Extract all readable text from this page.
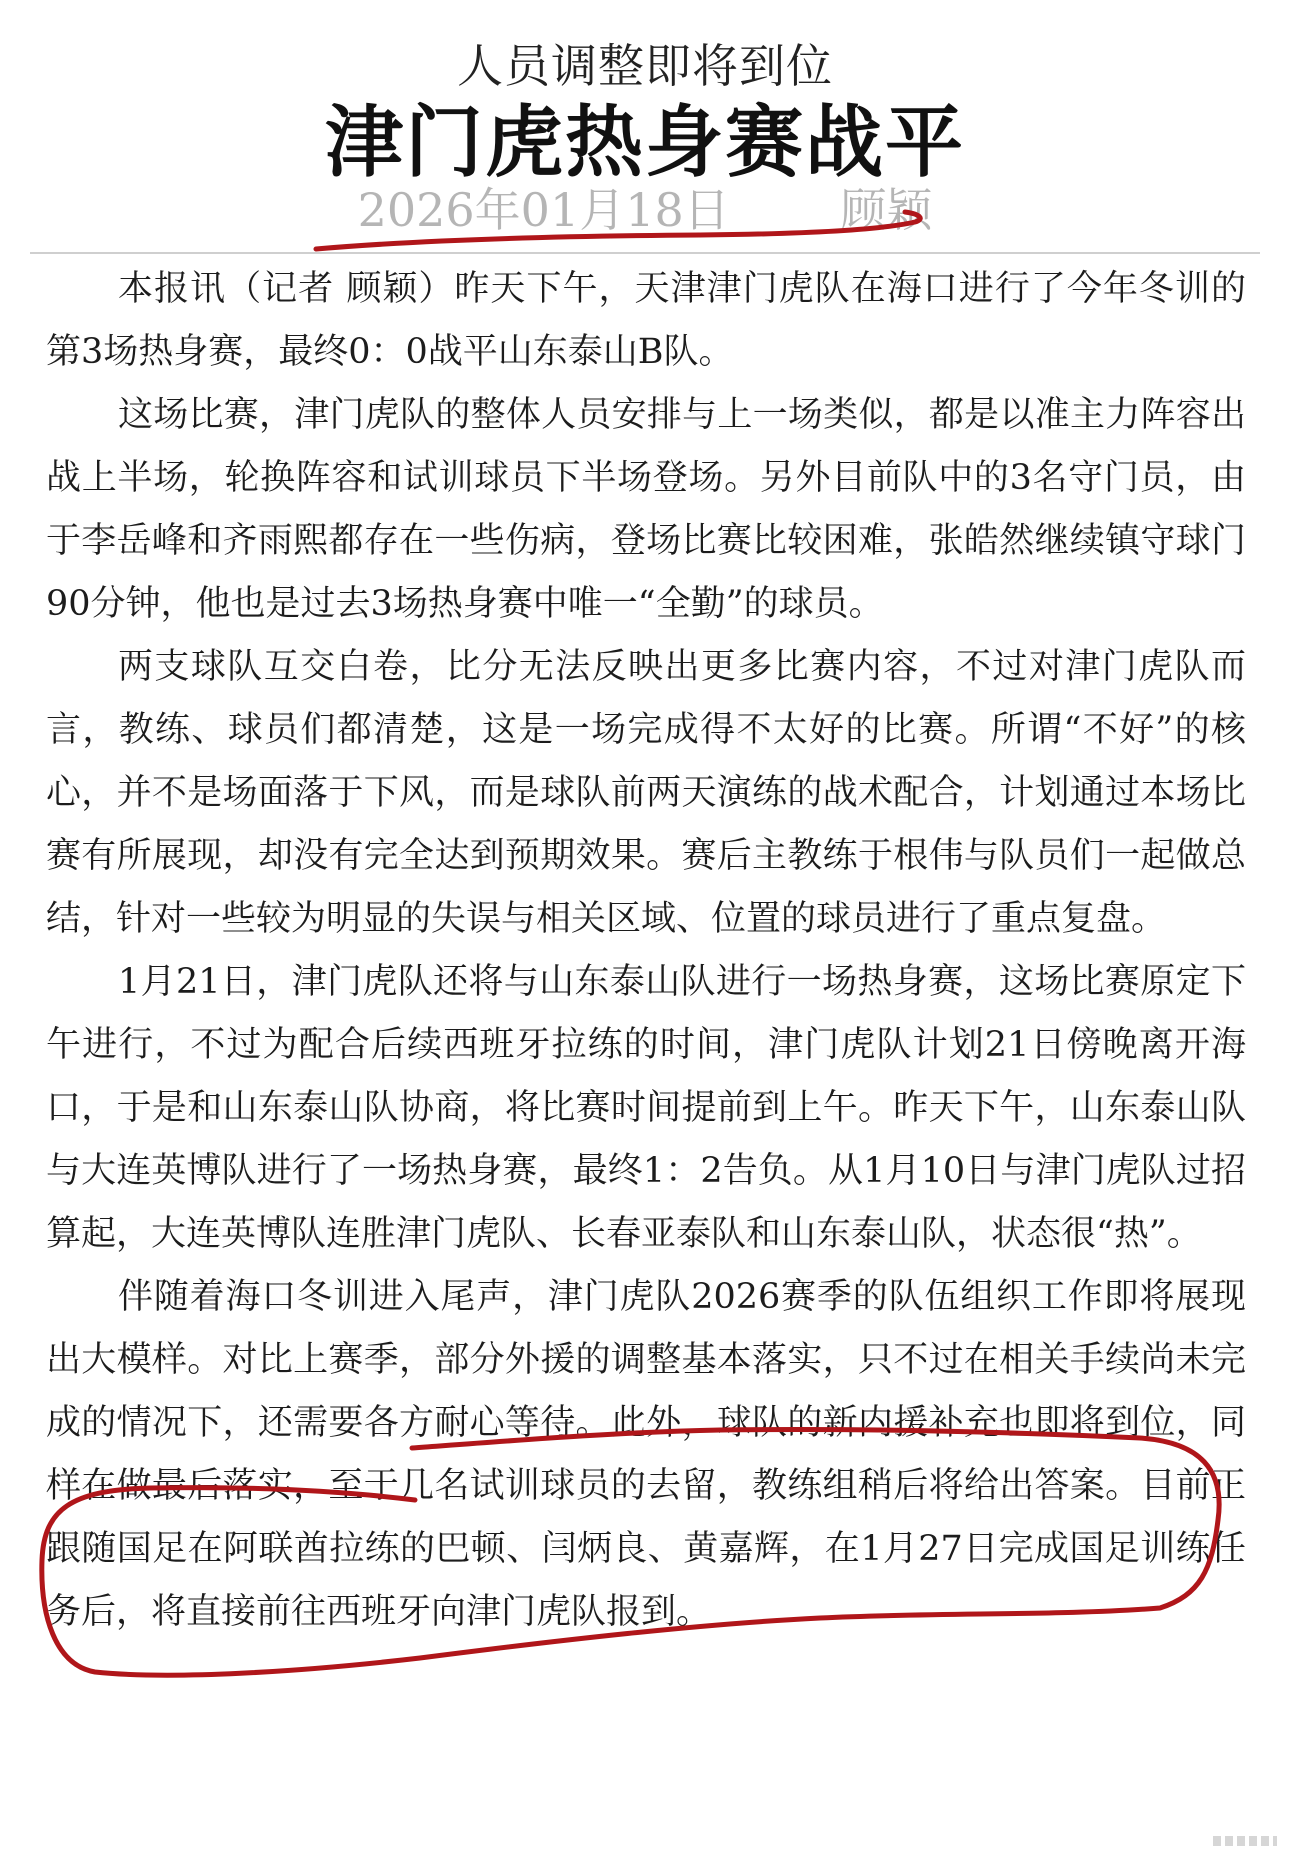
人员调整即将到位
津门虎热身赛战平
2026年01月18日 顾颖

本报讯（记者 顾颖）昨天下午，天津津门虎队在海口进行了今年冬训的第3场热身赛，最终0：0战平山东泰山B队。

这场比赛，津门虎队的整体人员安排与上一场类似，都是以准主力阵容出战上半场，轮换阵容和试训球员下半场登场。另外目前队中的3名守门员，由于李岳峰和齐雨熙都存在一些伤病，登场比赛比较困难，张皓然继续镇守球门90分钟，他也是过去3场热身赛中唯一“全勤”的球员。

两支球队互交白卷，比分无法反映出更多比赛内容，不过对津门虎队而言，教练、球员们都清楚，这是一场完成得不太好的比赛。所谓“不好”的核心，并不是场面落于下风，而是球队前两天演练的战术配合，计划通过本场比赛有所展现，却没有完全达到预期效果。赛后主教练于根伟与队员们一起做总结，针对一些较为明显的失误与相关区域、位置的球员进行了重点复盘。

1月21日，津门虎队还将与山东泰山队进行一场热身赛，这场比赛原定下午进行，不过为配合后续西班牙拉练的时间，津门虎队计划21日傍晚离开海口，于是和山东泰山队协商，将比赛时间提前到上午。昨天下午，山东泰山队与大连英博队进行了一场热身赛，最终1：2告负。从1月10日与津门虎队过招算起，大连英博队连胜津门虎队、长春亚泰队和山东泰山队，状态很“热”。

伴随着海口冬训进入尾声，津门虎队2026赛季的队伍组织工作即将展现出大模样。对比上赛季，部分外援的调整基本落实，只不过在相关手续尚未完成的情况下，还需要各方耐心等待。此外，球队的新内援补充也即将到位，同样在做最后落实，至于几名试训球员的去留，教练组稍后将给出答案。目前正跟随国足在阿联酋拉练的巴顿、闫炳良、黄嘉辉，在1月27日完成国足训练任务后，将直接前往西班牙向津门虎队报到。
